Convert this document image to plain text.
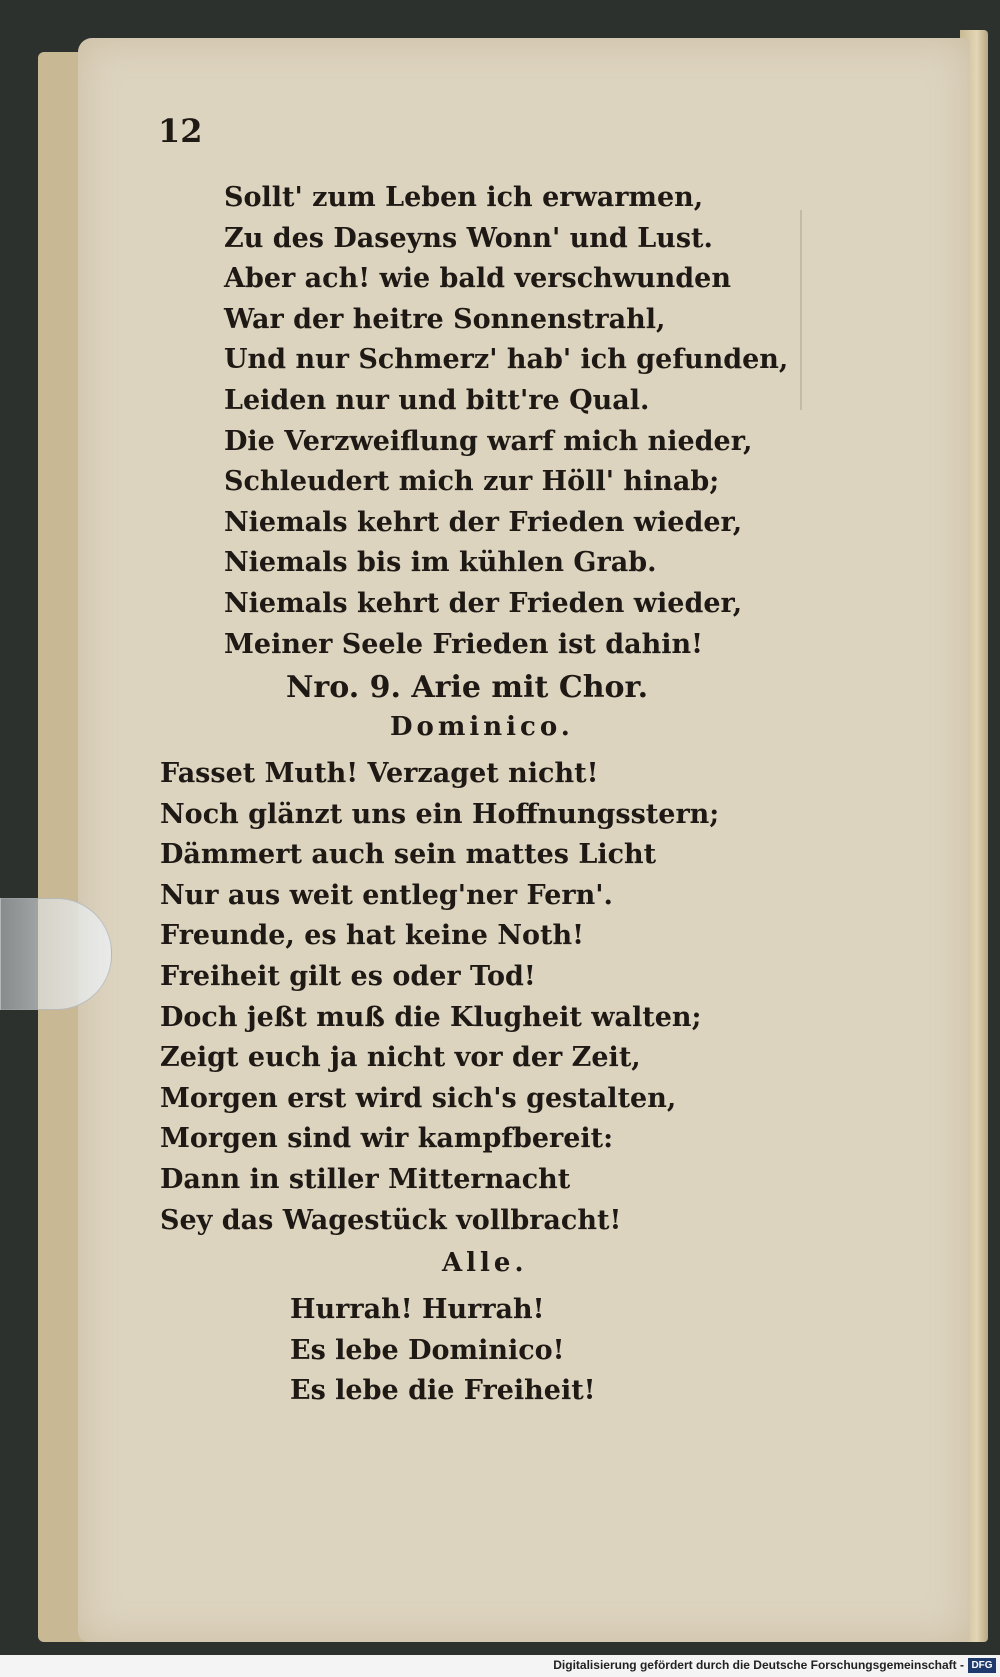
12
Sollt' zum Leben ich erwarmen,
Zu des Daseyns Wonn' und Lust.
Aber ach! wie bald verschwunden
War der heitre Sonnenstrahl,
Und nur Schmerz' hab' ich gefunden,
Leiden nur und bitt're Qual.
Die Verzweiflung warf mich nieder,
Schleudert mich zur Höll' hinab;
Niemals kehrt der Frieden wieder,
Niemals bis im kühlen Grab.
Niemals kehrt der Frieden wieder,
Meiner Seele Frieden ist dahin!
Nro. 9. Arie mit Chor.
Dominico.
Fasset Muth! Verzaget nicht!
Noch glänzt uns ein Hoffnungsstern;
Dämmert auch sein mattes Licht
Nur aus weit entleg'ner Fern'.
Freunde, es hat keine Noth!
Freiheit gilt es oder Tod!
Doch jeßt muß die Klugheit walten;
Zeigt euch ja nicht vor der Zeit,
Morgen erst wird sich's gestalten,
Morgen sind wir kampfbereit:
Dann in stiller Mitternacht
Sey das Wagestück vollbracht!
Alle.
Hurrah! Hurrah!
Es lebe Dominico!
Es lebe die Freiheit!
Digitalisierung gefördert durch die Deutsche Forschungsgemeinschaft - DFG
